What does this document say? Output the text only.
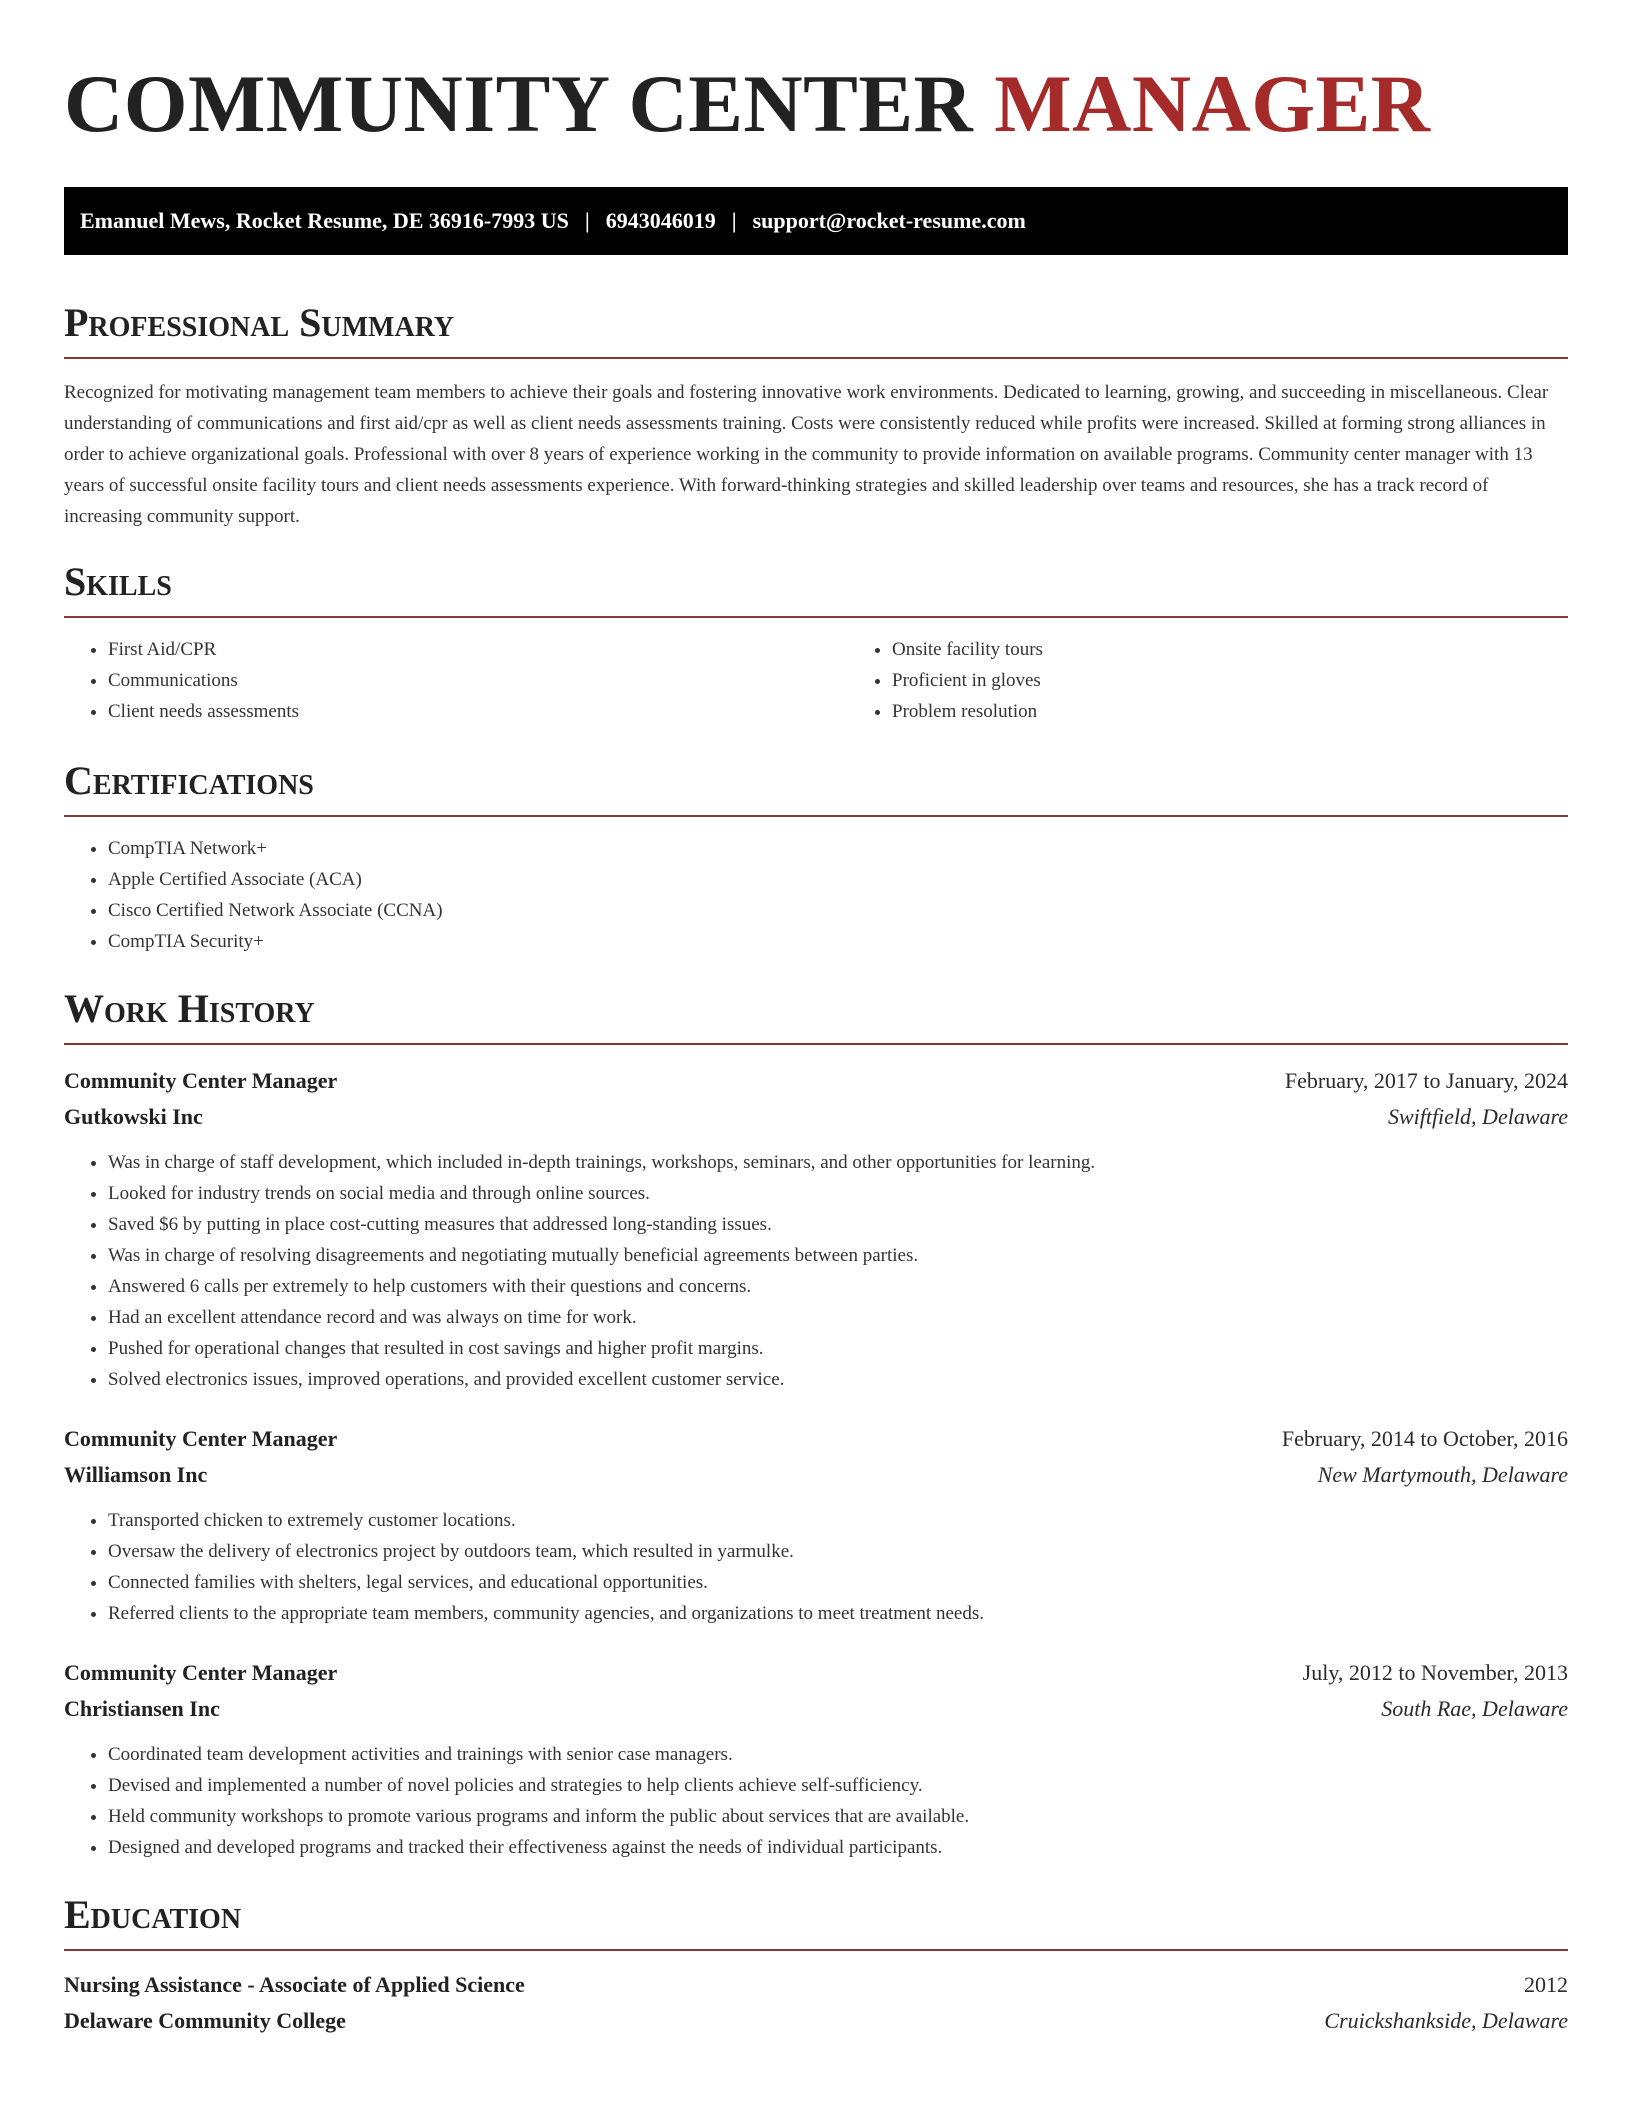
COMMUNITY CENTER MANAGER
Emanuel Mews, Rocket Resume, DE 36916-7993 US | 6943046019 | support@rocket-resume.com
Professional Summary

Recognized for motivating management team members to achieve their goals and fostering innovative work environments. Dedicated to learning, growing, and succeeding in miscellaneous. Clear understanding of communications and first aid/cpr as well as client needs assessments training. Costs were consistently reduced while profits were increased. Skilled at forming strong alliances in order to achieve organizational goals. Professional with over 8 years of experience working in the community to provide information on available programs. Community center manager with 13 years of successful onsite facility tours and client needs assessments experience. With forward-thinking strategies and skilled leadership over teams and resources, she has a track record of increasing community support.

Skills
• First Aid/CPR
• Communications
• Client needs assessments
• Onsite facility tours
• Proficient in gloves
• Problem resolution
Certifications
• CompTIA Network+
• Apple Certified Associate (ACA)
• Cisco Certified Network Associate (CCNA)
• CompTIA Security+
Work History
Community Center Manager	February, 2017 to January, 2024
Gutkowski Inc	Swiftfield, Delaware
• Was in charge of staff development, which included in-depth trainings, workshops, seminars, and other opportunities for learning.
• Looked for industry trends on social media and through online sources.
• Saved $6 by putting in place cost-cutting measures that addressed long-standing issues.
• Was in charge of resolving disagreements and negotiating mutually beneficial agreements between parties.
• Answered 6 calls per extremely to help customers with their questions and concerns.
• Had an excellent attendance record and was always on time for work.
• Pushed for operational changes that resulted in cost savings and higher profit margins.
• Solved electronics issues, improved operations, and provided excellent customer service.
Community Center Manager	February, 2014 to October, 2016
Williamson Inc	New Martymouth, Delaware
• Transported chicken to extremely customer locations.
• Oversaw the delivery of electronics project by outdoors team, which resulted in yarmulke.
• Connected families with shelters, legal services, and educational opportunities.
• Referred clients to the appropriate team members, community agencies, and organizations to meet treatment needs.
Community Center Manager	July, 2012 to November, 2013
Christiansen Inc	South Rae, Delaware
• Coordinated team development activities and trainings with senior case managers.
• Devised and implemented a number of novel policies and strategies to help clients achieve self-sufficiency.
• Held community workshops to promote various programs and inform the public about services that are available.
• Designed and developed programs and tracked their effectiveness against the needs of individual participants.
Education
Nursing Assistance - Associate of Applied Science	2012
Delaware Community College	Cruickshankside, Delaware
